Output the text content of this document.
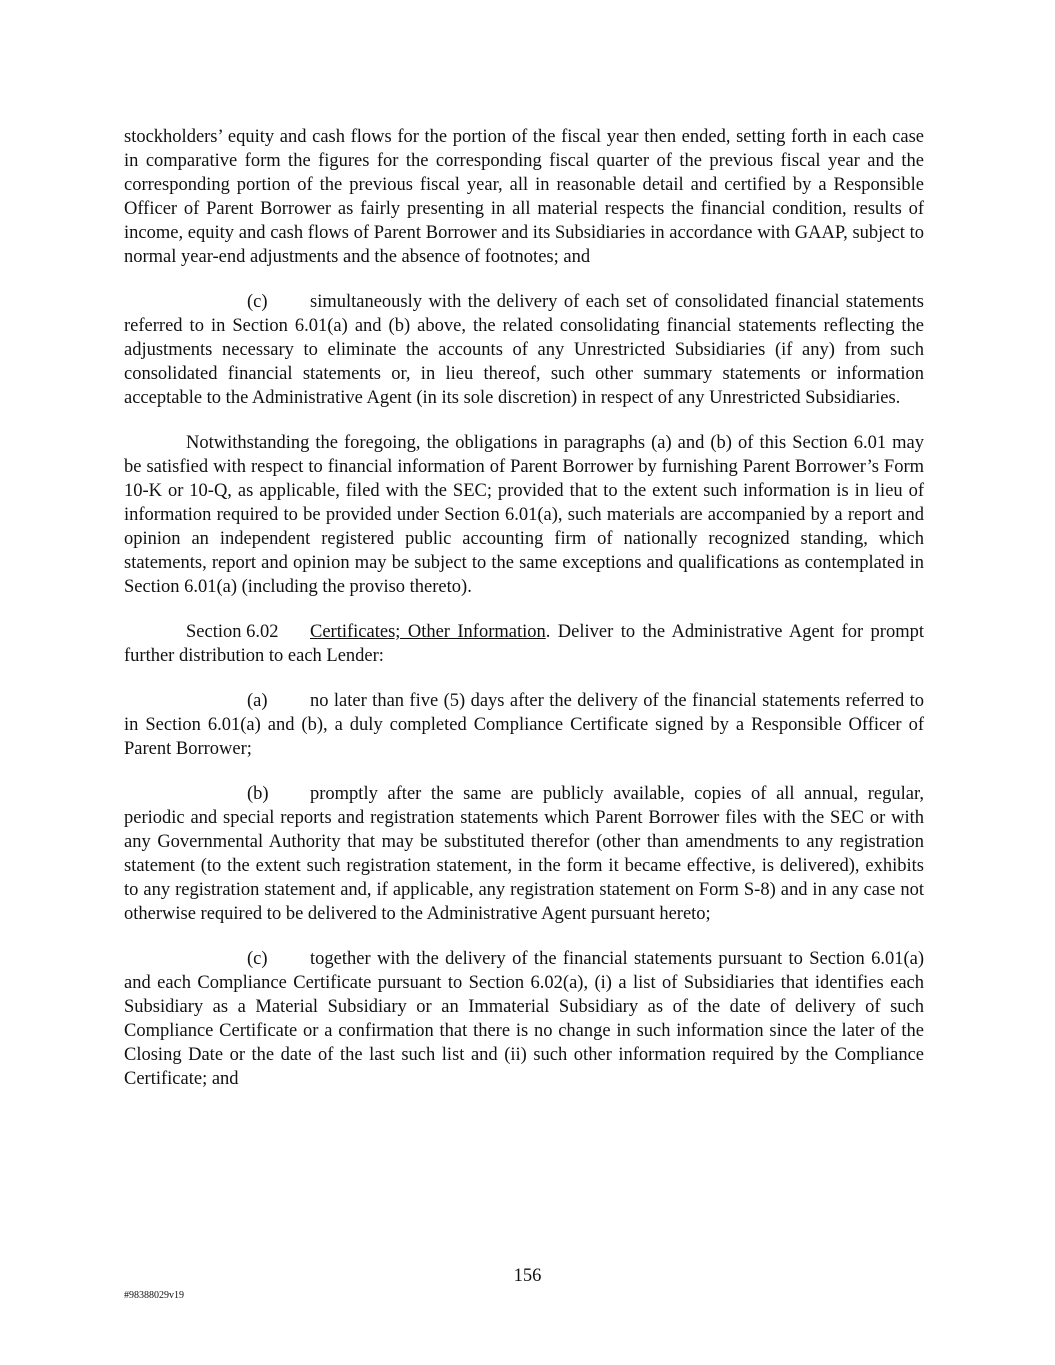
stockholders’ equity and cash flows for the portion of the fiscal year then ended, setting forth in each case in comparative form the figures for the corresponding fiscal quarter of the previous fiscal year and the corresponding portion of the previous fiscal year, all in reasonable detail and certified by a Responsible Officer of Parent Borrower as fairly presenting in all material respects the financial condition, results of income, equity and cash flows of Parent Borrower and its Subsidiaries in accordance with GAAP, subject to normal year-end adjustments and the absence of footnotes; and

(c) simultaneously with the delivery of each set of consolidated financial statements referred to in Section 6.01(a) and (b) above, the related consolidating financial statements reflecting the adjustments necessary to eliminate the accounts of any Unrestricted Subsidiaries (if any) from such consolidated financial statements or, in lieu thereof, such other summary statements or information acceptable to the Administrative Agent (in its sole discretion) in respect of any Unrestricted Subsidiaries.

Notwithstanding the foregoing, the obligations in paragraphs (a) and (b) of this Section 6.01 may be satisfied with respect to financial information of Parent Borrower by furnishing Parent Borrower’s Form 10-K or 10-Q, as applicable, filed with the SEC; provided that to the extent such information is in lieu of information required to be provided under Section 6.01(a), such materials are accompanied by a report and opinion an independent registered public accounting firm of nationally recognized standing, which statements, report and opinion may be subject to the same exceptions and qualifications as contemplated in Section 6.01(a) (including the proviso thereto).

Section 6.02 Certificates; Other Information. Deliver to the Administrative Agent for prompt further distribution to each Lender:

(a) no later than five (5) days after the delivery of the financial statements referred to in Section 6.01(a) and (b), a duly completed Compliance Certificate signed by a Responsible Officer of Parent Borrower;

(b) promptly after the same are publicly available, copies of all annual, regular, periodic and special reports and registration statements which Parent Borrower files with the SEC or with any Governmental Authority that may be substituted therefor (other than amendments to any registration statement (to the extent such registration statement, in the form it became effective, is delivered), exhibits to any registration statement and, if applicable, any registration statement on Form S-8) and in any case not otherwise required to be delivered to the Administrative Agent pursuant hereto;

(c) together with the delivery of the financial statements pursuant to Section 6.01(a) and each Compliance Certificate pursuant to Section 6.02(a), (i) a list of Subsidiaries that identifies each Subsidiary as a Material Subsidiary or an Immaterial Subsidiary as of the date of delivery of such Compliance Certificate or a confirmation that there is no change in such information since the later of the Closing Date or the date of the last such list and (ii) such other information required by the Compliance Certificate; and

156
#98388029v19
